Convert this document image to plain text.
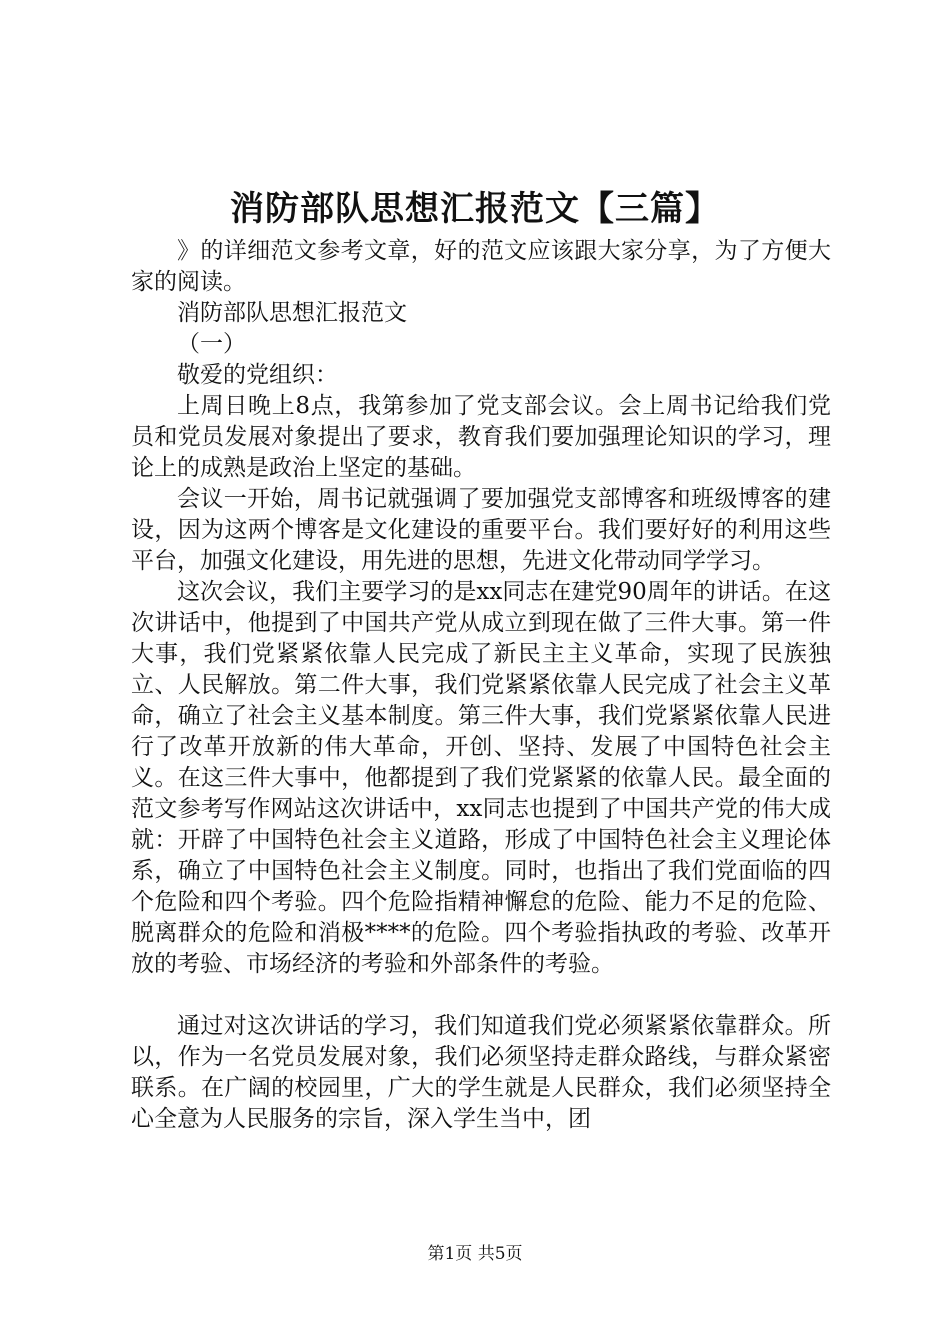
消防部队思想汇报范文【三篇】

》的详细范文参考文章，好的范文应该跟大家分享，为了方便大家的阅读。

消防部队思想汇报范文

（一）

敬爱的党组织：

上周日晚上8点，我第参加了党支部会议。会上周书记给我们党员和党员发展对象提出了要求，教育我们要加强理论知识的学习，理论上的成熟是政治上坚定的基础。

会议一开始，周书记就强调了要加强党支部博客和班级博客的建设，因为这两个博客是文化建设的重要平台。我们要好好的利用这些平台，加强文化建设，用先进的思想，先进文化带动同学学习。

这次会议，我们主要学习的是xx同志在建党90周年的讲话。在这次讲话中，他提到了中国共产党从成立到现在做了三件大事。第一件大事，我们党紧紧依靠人民完成了新民主主义革命，实现了民族独立、人民解放。第二件大事，我们党紧紧依靠人民完成了社会主义革命，确立了社会主义基本制度。第三件大事，我们党紧紧依靠人民进行了改革开放新的伟大革命，开创、坚持、发展了中国特色社会主义。在这三件大事中，他都提到了我们党紧紧的依靠人民。最全面的范文参考写作网站这次讲话中，xx同志也提到了中国共产党的伟大成就：开辟了中国特色社会主义道路，形成了中国特色社会主义理论体系，确立了中国特色社会主义制度。同时，也指出了我们党面临的四个危险和四个考验。四个危险指精神懈怠的危险、能力不足的危险、脱离群众的危险和消极****的危险。四个考验指执政的考验、改革开放的考验、市场经济的考验和外部条件的考验。

通过对这次讲话的学习，我们知道我们党必须紧紧依靠群众。所以，作为一名党员发展对象，我们必须坚持走群众路线，与群众紧密联系。在广阔的校园里，广大的学生就是人民群众，我们必须坚持全心全意为人民服务的宗旨，深入学生当中，团

第1页 共5页
